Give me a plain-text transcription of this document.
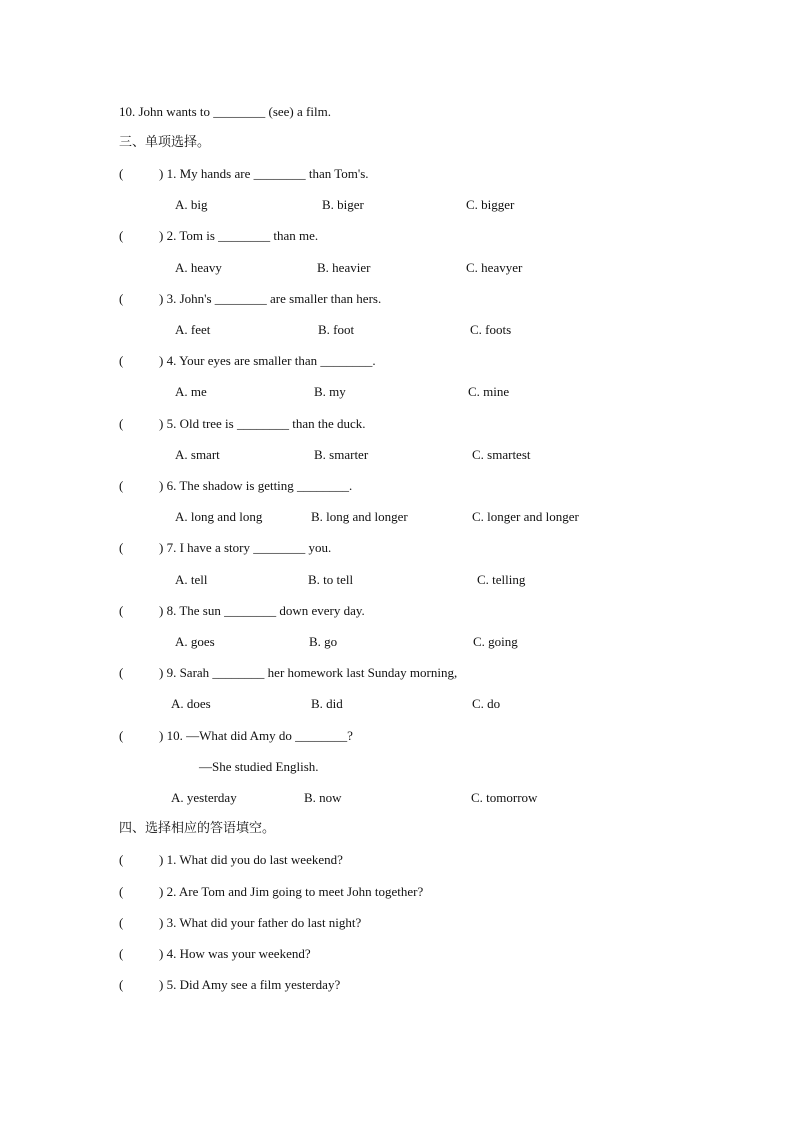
10. John wants to ________ (see) a film.
三、单项选择。
(	) 1. My hands are ________ than Tom's.
A. big	B. biger	C. bigger
(	) 2. Tom is ________ than me.
A. heavy	B. heavier	C. heavyer
(	) 3. John's ________ are smaller than hers.
A. feet	B. foot	C. foots
(	) 4. Your eyes are smaller than ________.
A. me	B. my	C. mine
(	) 5. Old tree is ________ than the duck.
A. smart	B. smarter	C. smartest
(	) 6. The shadow is getting ________.
A. long and long	B. long and longer	C. longer and longer
(	) 7. I have a story ________ you.
A. tell	B. to tell	C. telling
(	) 8. The sun ________ down every day.
A. goes	B. go	C. going
(	) 9. Sarah ________ her homework last Sunday morning,
A. does	B. did	C. do
(	) 10. —What did Amy do ________?
—She studied English.
A. yesterday	B. now	C. tomorrow
四、选择相应的答语填空。
(	) 1. What did you do last weekend?
(	) 2. Are Tom and Jim going to meet John together?
(	) 3. What did your father do last night?
(	) 4. How was your weekend?
(	) 5. Did Amy see a film yesterday?
